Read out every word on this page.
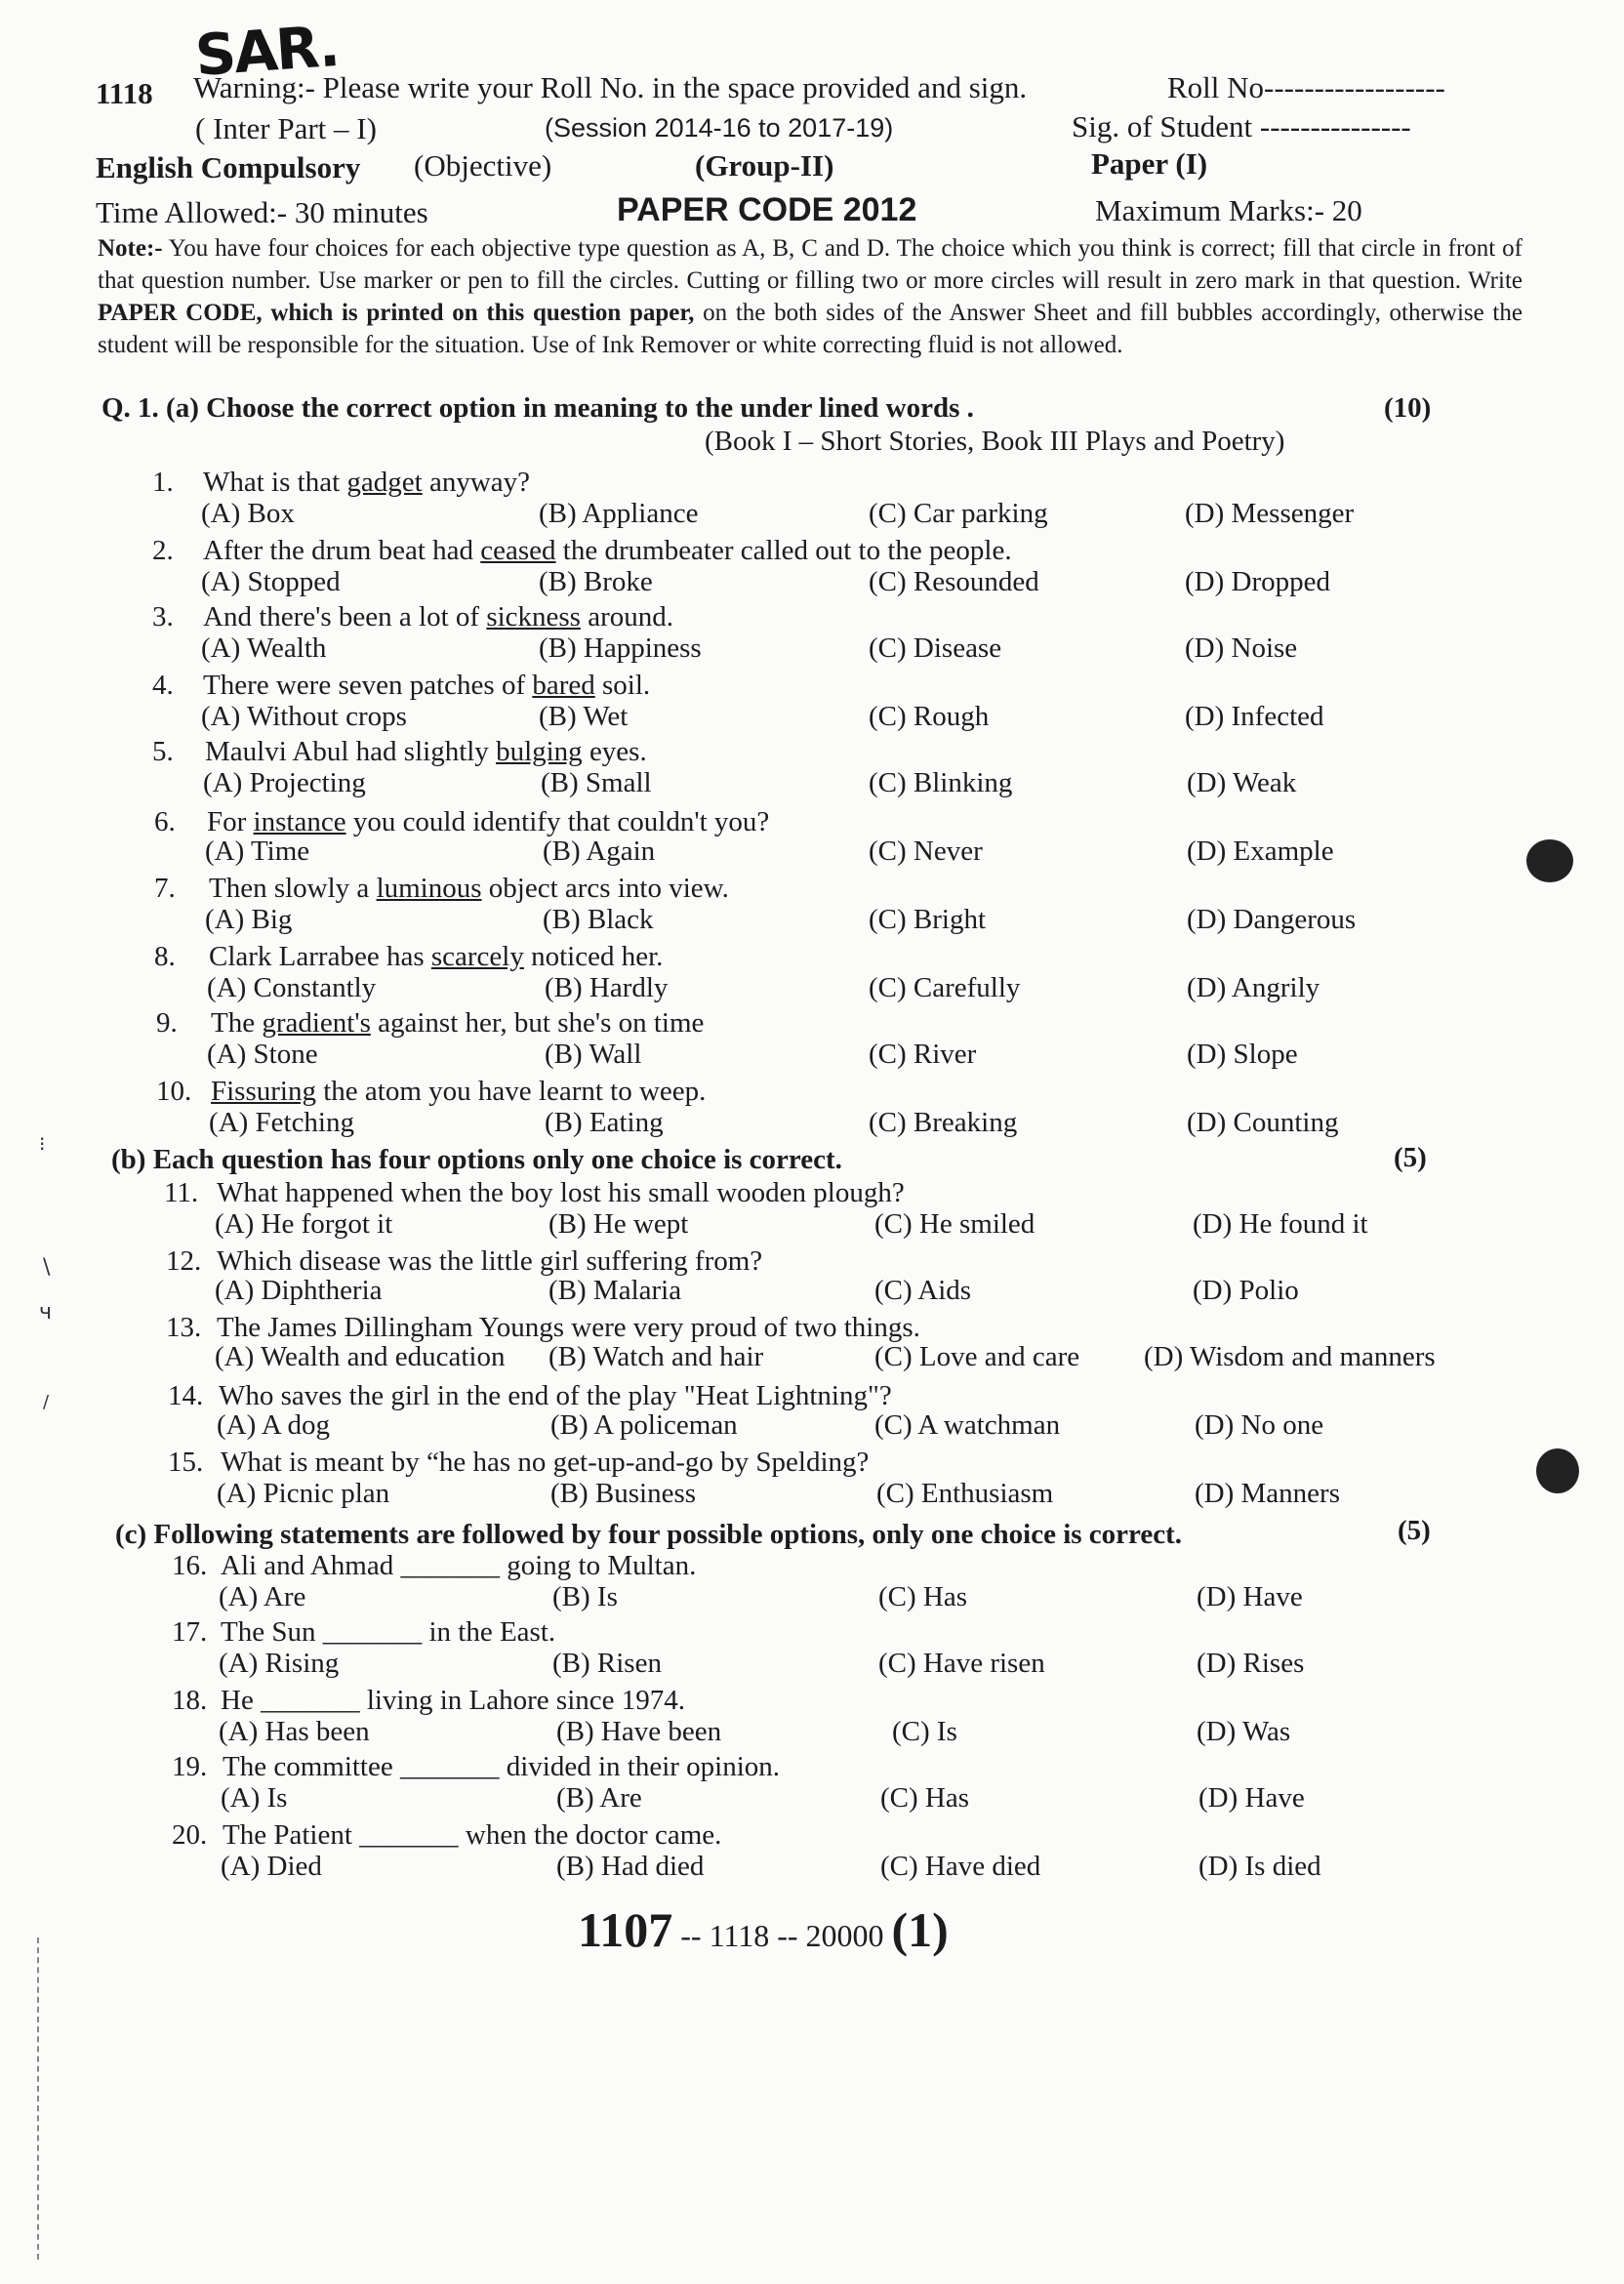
SAR.
1118 Warning:- Please write your Roll No. in the space provided and sign.	Roll No------------------
( Inter Part – I)	(Session 2014-16 to 2017-19)	Sig. of Student ---------------
English Compulsory (Objective)	(Group-II)	Paper (I)
Time Allowed:- 30 minutes	PAPER CODE 2012	Maximum Marks:- 20
Note:- You have four choices for each objective type question as A, B, C and D. The choice which you think is correct; fill that circle in front of that question number. Use marker or pen to fill the circles. Cutting or filling two or more circles will result in zero mark in that question. Write PAPER CODE, which is printed on this question paper, on the both sides of the Answer Sheet and fill bubbles accordingly, otherwise the student will be responsible for the situation. Use of Ink Remover or white correcting fluid is not allowed.
Q. 1. (a) Choose the correct option in meaning to the under lined words .	(10)
(Book I – Short Stories, Book III Plays and Poetry)
(b) Each question has four options only one choice is correct.	(5)
(c) Following statements are followed by four possible options, only one choice is correct.	(5)
1. What is that gadget anyway?
(A) Box	(B) Appliance	(C) Car parking	(D) Messenger
2. After the drum beat had ceased the drumbeater called out to the people.
(A) Stopped	(B) Broke	(C) Resounded	(D) Dropped
3. And there's been a lot of sickness around.
(A) Wealth	(B) Happiness	(C) Disease	(D) Noise
4. There were seven patches of bared soil.
(A) Without crops	(B) Wet	(C) Rough	(D) Infected
5. Maulvi Abul had slightly bulging eyes.
(A) Projecting	(B) Small	(C) Blinking	(D) Weak
6. For instance you could identify that couldn't you?
(A) Time	(B) Again	(C) Never	(D) Example
7. Then slowly a luminous object arcs into view.
(A) Big	(B) Black	(C) Bright	(D) Dangerous
8. Clark Larrabee has scarcely noticed her.
(A) Constantly	(B) Hardly	(C) Carefully	(D) Angrily
9. The gradient's against her, but she's on time
(A) Stone	(B) Wall	(C) River	(D) Slope
10. Fissuring the atom you have learnt to weep.
(A) Fetching	(B) Eating	(C) Breaking	(D) Counting
11. What happened when the boy lost his small wooden plough?
(A) He forgot it	(B) He wept	(C) He smiled	(D) He found it
12. Which disease was the little girl suffering from?
(A) Diphtheria	(B) Malaria	(C) Aids	(D) Polio
13. The James Dillingham Youngs were very proud of two things.
(A) Wealth and education (B) Watch and hair	(C) Love and care (D) Wisdom and manners
14. Who saves the girl in the end of the play "Heat Lightning"?
(A) A dog	(B) A policeman	(C) A watchman	(D) No one
15. What is meant by “he has no get-up-and-go by Spelding?
(A) Picnic plan	(B) Business	(C) Enthusiasm	(D) Manners
16. Ali and Ahmad _______ going to Multan.
(A) Are	(B) Is	(C) Has	(D) Have
17. The Sun _______ in the East.
(A) Rising	(B) Risen	(C) Have risen	(D) Rises
18. He _______ living in Lahore since 1974.
(A) Has been	(B) Have been	(C) Is	(D) Was
19. The committee _______ divided in their opinion.
(A) Is	(B) Are	(C) Has	(D) Have
20. The Patient _______ when the doctor came.
(A) Died	(B) Had died	(C) Have died	(D) Is died
1107 -- 1118 -- 20000 (1)
⁝
\
ч
/
